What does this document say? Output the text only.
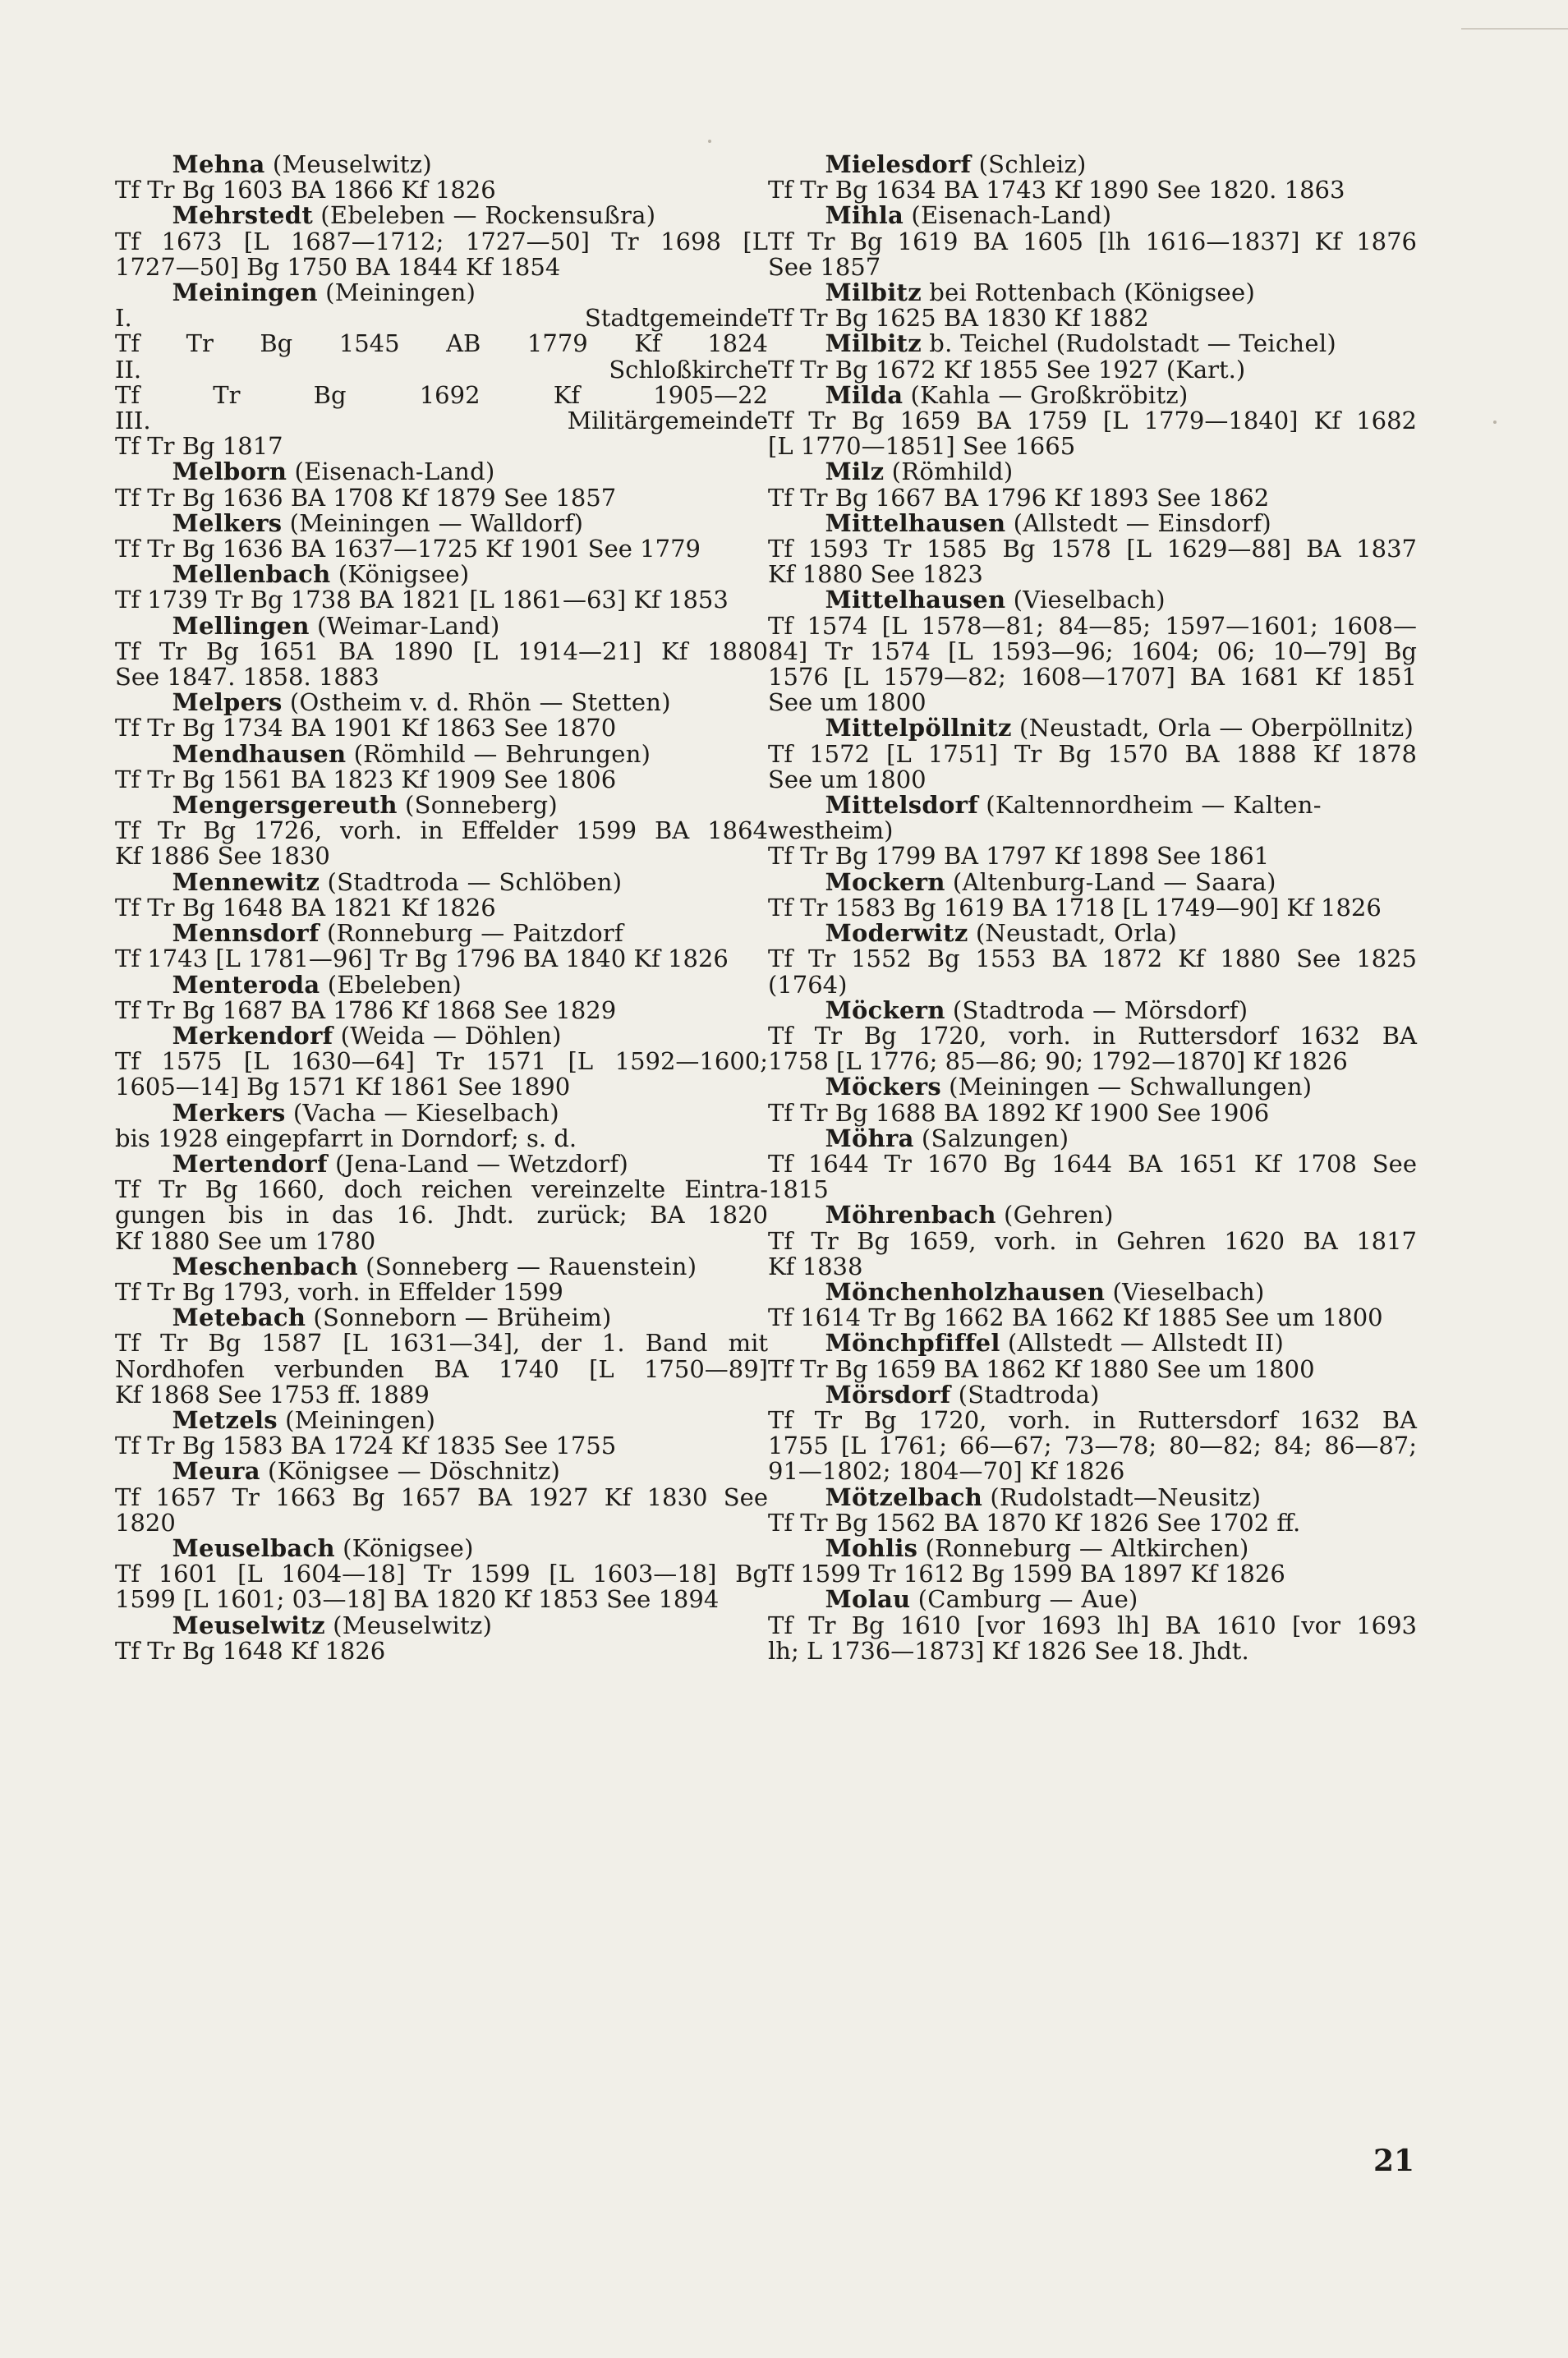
Mehna (Meuselwitz)
Tf Tr Bg 1603 BA 1866 Kf 1826
Mehrstedt (Ebeleben — Rockensußra)
Tf 1673 [L 1687—1712; 1727—50] Tr 1698 [L
1727—50] Bg 1750 BA 1844 Kf 1854
Meiningen (Meiningen)
I. Stadtgemeinde
Tf Tr Bg 1545 AB 1779 Kf 1824
II. Schloßkirche
Tf Tr Bg 1692 Kf 1905—22
III. Militärgemeinde
Tf Tr Bg 1817
Melborn (Eisenach-Land)
Tf Tr Bg 1636 BA 1708 Kf 1879 See 1857
Melkers (Meiningen — Walldorf)
Tf Tr Bg 1636 BA 1637—1725 Kf 1901 See 1779
Mellenbach (Königsee)
Tf 1739 Tr Bg 1738 BA 1821 [L 1861—63] Kf 1853
Mellingen (Weimar-Land)
Tf Tr Bg 1651 BA 1890 [L 1914—21] Kf 1880
See 1847. 1858. 1883
Melpers (Ostheim v. d. Rhön — Stetten)
Tf Tr Bg 1734 BA 1901 Kf 1863 See 1870
Mendhausen (Römhild — Behrungen)
Tf Tr Bg 1561 BA 1823 Kf 1909 See 1806
Mengersgereuth (Sonneberg)
Tf Tr Bg 1726, vorh. in Effelder 1599 BA 1864
Kf 1886 See 1830
Mennewitz (Stadtroda — Schlöben)
Tf Tr Bg 1648 BA 1821 Kf 1826
Mennsdorf (Ronneburg — Paitzdorf
Tf 1743 [L 1781—96] Tr Bg 1796 BA 1840 Kf 1826
Menteroda (Ebeleben)
Tf Tr Bg 1687 BA 1786 Kf 1868 See 1829
Merkendorf (Weida — Döhlen)
Tf 1575 [L 1630—64] Tr 1571 [L 1592—1600;
1605—14] Bg 1571 Kf 1861 See 1890
Merkers (Vacha — Kieselbach)
bis 1928 eingepfarrt in Dorndorf; s. d.
Mertendorf (Jena-Land — Wetzdorf)
Tf Tr Bg 1660, doch reichen vereinzelte Eintra-
gungen bis in das 16. Jhdt. zurück; BA 1820
Kf 1880 See um 1780
Meschenbach (Sonneberg — Rauenstein)
Tf Tr Bg 1793, vorh. in Effelder 1599
Metebach (Sonneborn — Brüheim)
Tf Tr Bg 1587 [L 1631—34], der 1. Band mit
Nordhofen verbunden BA 1740 [L 1750—89]
Kf 1868 See 1753 ff. 1889
Metzels (Meiningen)
Tf Tr Bg 1583 BA 1724 Kf 1835 See 1755
Meura (Königsee — Döschnitz)
Tf 1657 Tr 1663 Bg 1657 BA 1927 Kf 1830 See
1820
Meuselbach (Königsee)
Tf 1601 [L 1604—18] Tr 1599 [L 1603—18] Bg
1599 [L 1601; 03—18] BA 1820 Kf 1853 See 1894
Meuselwitz (Meuselwitz)
Tf Tr Bg 1648 Kf 1826
Mielesdorf (Schleiz)
Tf Tr Bg 1634 BA 1743 Kf 1890 See 1820. 1863
Mihla (Eisenach-Land)
Tf Tr Bg 1619 BA 1605 [lh 1616—1837] Kf 1876
See 1857
Milbitz bei Rottenbach (Königsee)
Tf Tr Bg 1625 BA 1830 Kf 1882
Milbitz b. Teichel (Rudolstadt — Teichel)
Tf Tr Bg 1672 Kf 1855 See 1927 (Kart.)
Milda (Kahla — Großkröbitz)
Tf Tr Bg 1659 BA 1759 [L 1779—1840] Kf 1682
[L 1770—1851] See 1665
Milz (Römhild)
Tf Tr Bg 1667 BA 1796 Kf 1893 See 1862
Mittelhausen (Allstedt — Einsdorf)
Tf 1593 Tr 1585 Bg 1578 [L 1629—88] BA 1837
Kf 1880 See 1823
Mittelhausen (Vieselbach)
Tf 1574 [L 1578—81; 84—85; 1597—1601; 1608—
84] Tr 1574 [L 1593—96; 1604; 06; 10—79] Bg
1576 [L 1579—82; 1608—1707] BA 1681 Kf 1851
See um 1800
Mittelpöllnitz (Neustadt, Orla — Oberpöllnitz)
Tf 1572 [L 1751] Tr Bg 1570 BA 1888 Kf 1878
See um 1800
Mittelsdorf (Kaltennordheim — Kalten-
westheim)
Tf Tr Bg 1799 BA 1797 Kf 1898 See 1861
Mockern (Altenburg-Land — Saara)
Tf Tr 1583 Bg 1619 BA 1718 [L 1749—90] Kf 1826
Moderwitz (Neustadt, Orla)
Tf Tr 1552 Bg 1553 BA 1872 Kf 1880 See 1825
(1764)
Möckern (Stadtroda — Mörsdorf)
Tf Tr Bg 1720, vorh. in Ruttersdorf 1632 BA
1758 [L 1776; 85—86; 90; 1792—1870] Kf 1826
Möckers (Meiningen — Schwallungen)
Tf Tr Bg 1688 BA 1892 Kf 1900 See 1906
Möhra (Salzungen)
Tf 1644 Tr 1670 Bg 1644 BA 1651 Kf 1708 See
1815
Möhrenbach (Gehren)
Tf Tr Bg 1659, vorh. in Gehren 1620 BA 1817
Kf 1838
Mönchenholzhausen (Vieselbach)
Tf 1614 Tr Bg 1662 BA 1662 Kf 1885 See um 1800
Mönchpfiffel (Allstedt — Allstedt II)
Tf Tr Bg 1659 BA 1862 Kf 1880 See um 1800
Mörsdorf (Stadtroda)
Tf Tr Bg 1720, vorh. in Ruttersdorf 1632 BA
1755 [L 1761; 66—67; 73—78; 80—82; 84; 86—87;
91—1802; 1804—70] Kf 1826
Mötzelbach (Rudolstadt—Neusitz)
Tf Tr Bg 1562 BA 1870 Kf 1826 See 1702 ff.
Mohlis (Ronneburg — Altkirchen)
Tf 1599 Tr 1612 Bg 1599 BA 1897 Kf 1826
Molau (Camburg — Aue)
Tf Tr Bg 1610 [vor 1693 lh] BA 1610 [vor 1693
lh; L 1736—1873] Kf 1826 See 18. Jhdt.
21
